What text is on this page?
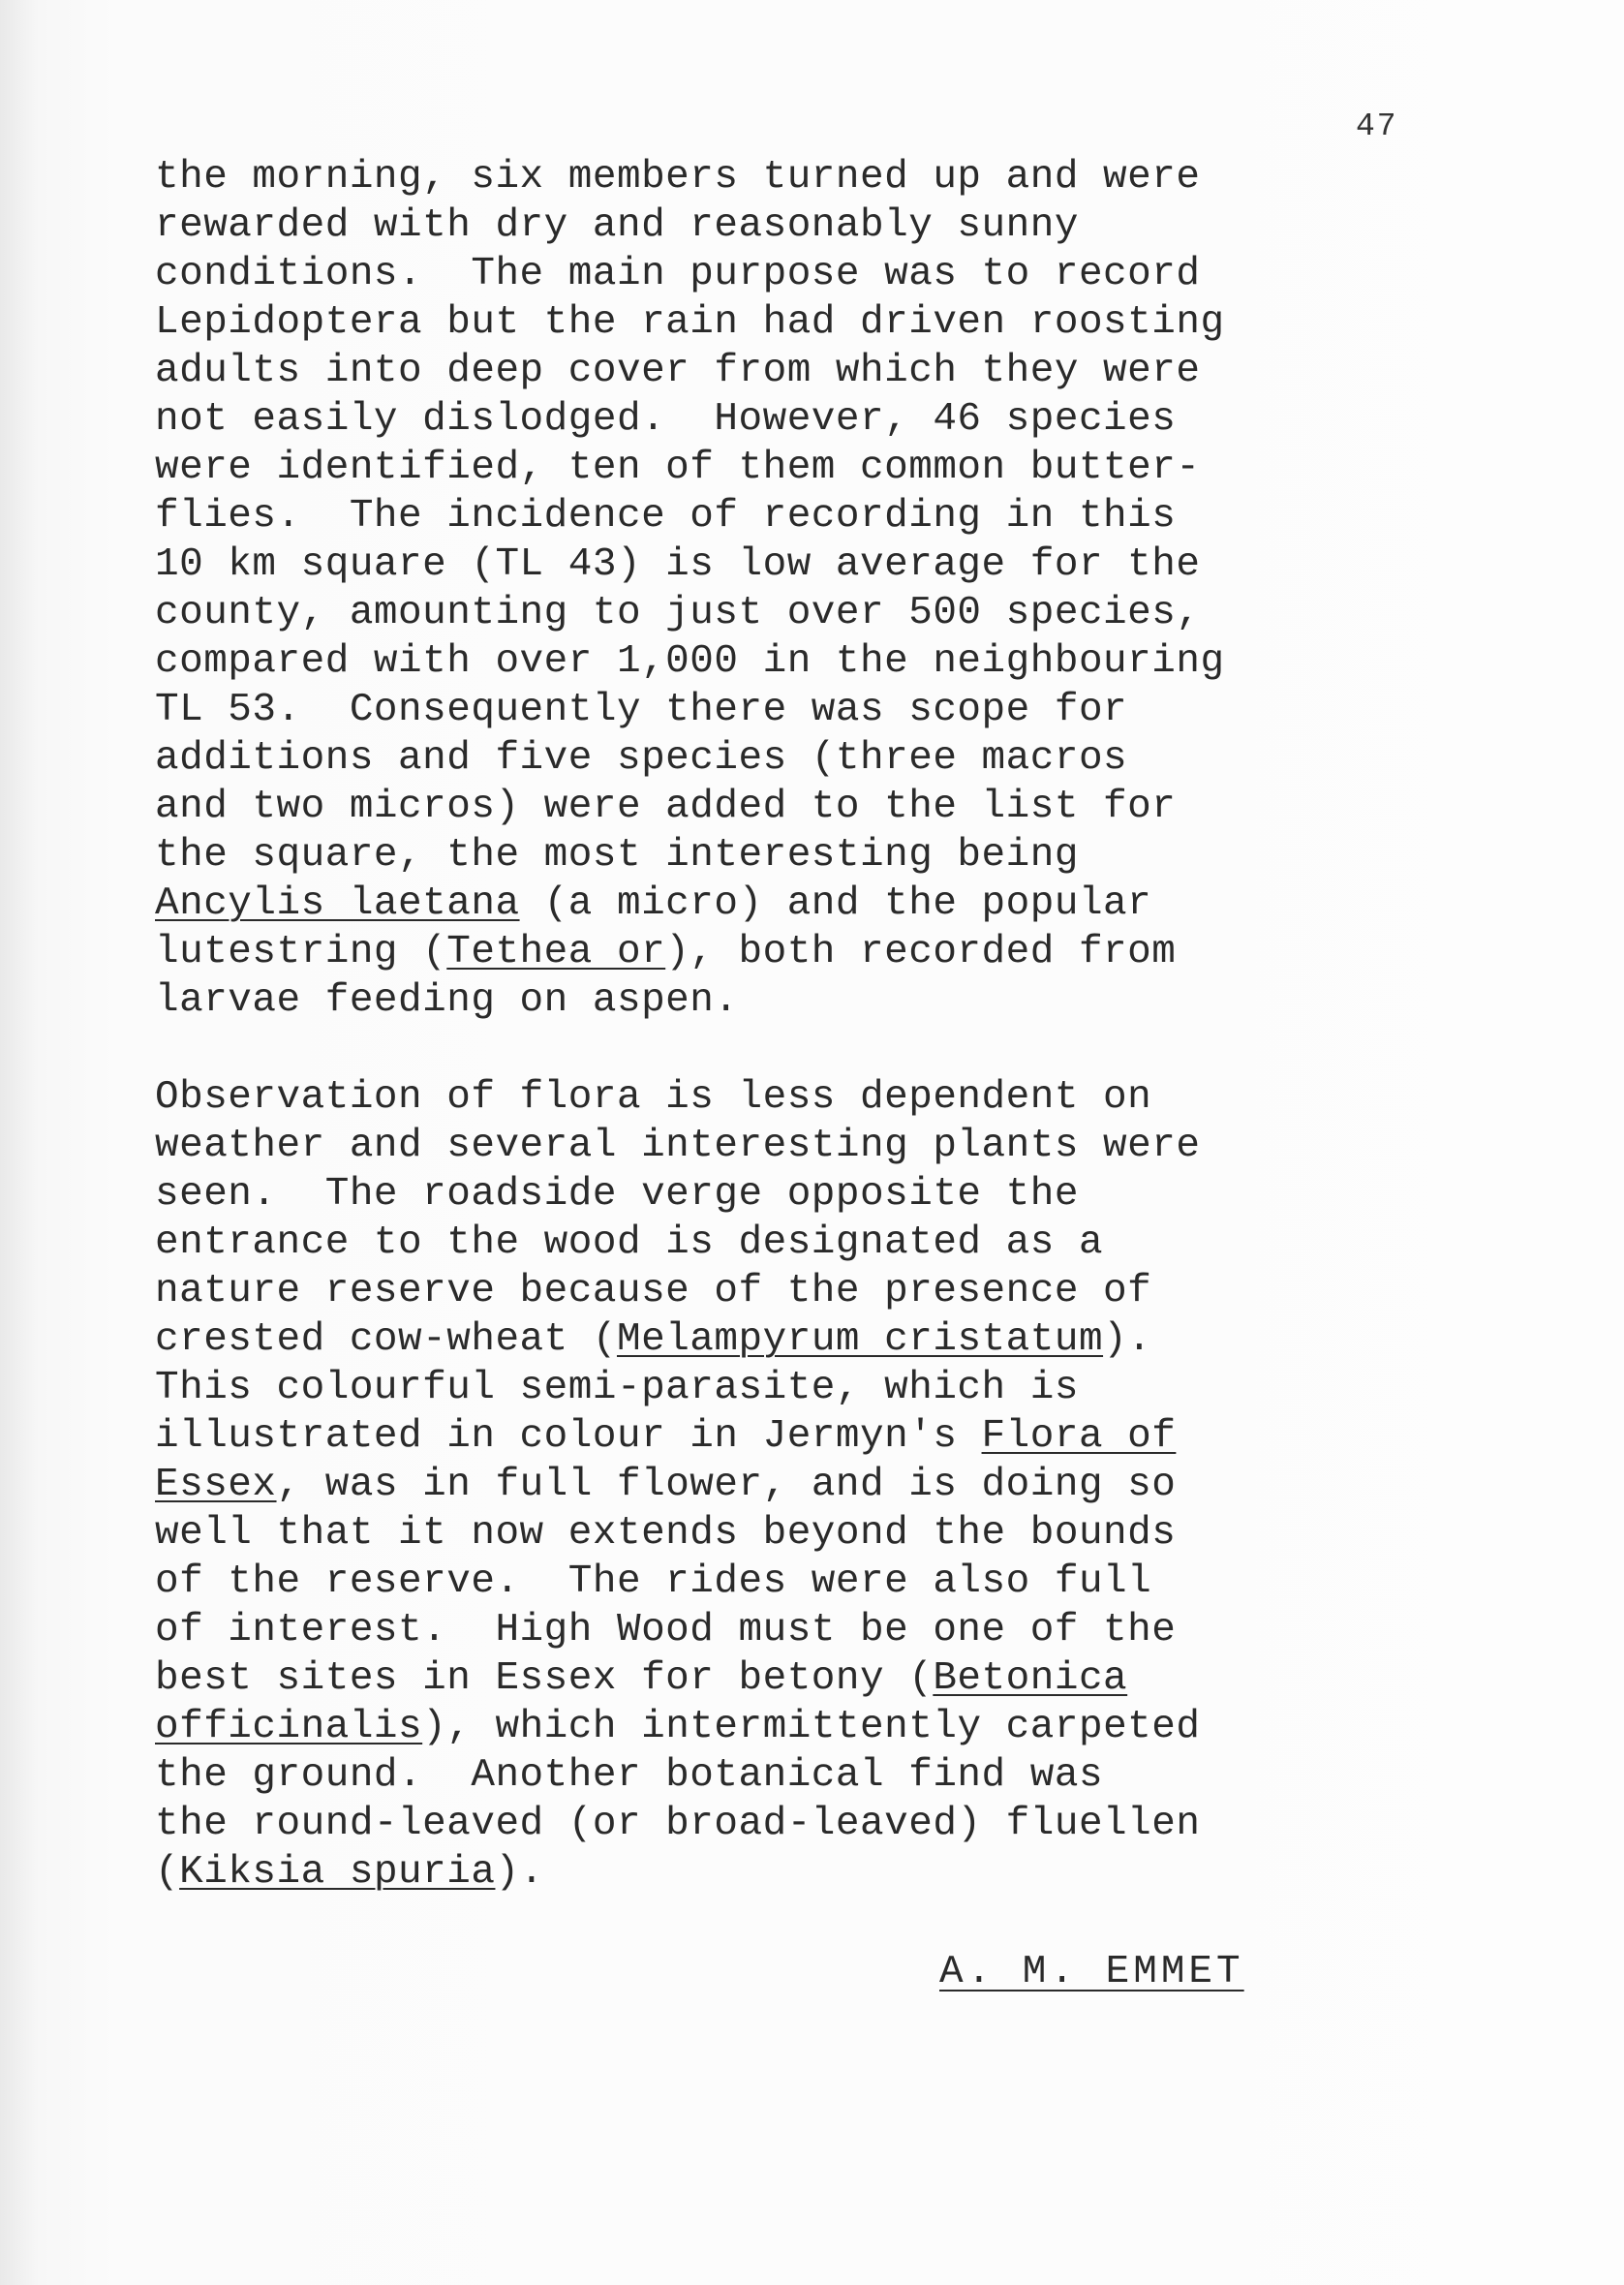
47
the morning, six members turned up and were
rewarded with dry and reasonably sunny
conditions.  The main purpose was to record
Lepidoptera but the rain had driven roosting
adults into deep cover from which they were
not easily dislodged.  However, 46 species
were identified, ten of them common butter-
flies.  The incidence of recording in this
10 km square (TL 43) is low average for the
county, amounting to just over 500 species,
compared with over 1,000 in the neighbouring
TL 53.  Consequently there was scope for
additions and five species (three macros
and two micros) were added to the list for
the square, the most interesting being
Ancylis laetana (a micro) and the popular
lutestring (Tethea or), both recorded from
larvae feeding on aspen.
Observation of flora is less dependent on
weather and several interesting plants were
seen.  The roadside verge opposite the
entrance to the wood is designated as a
nature reserve because of the presence of
crested cow-wheat (Melampyrum cristatum).
This colourful semi-parasite, which is
illustrated in colour in Jermyn's Flora of
Essex, was in full flower, and is doing so
well that it now extends beyond the bounds
of the reserve.  The rides were also full
of interest.  High Wood must be one of the
best sites in Essex for betony (Betonica
officinalis), which intermittently carpeted
the ground.  Another botanical find was
the round-leaved (or broad-leaved) fluellen
(Kiksia spuria).
A. M. EMMET
